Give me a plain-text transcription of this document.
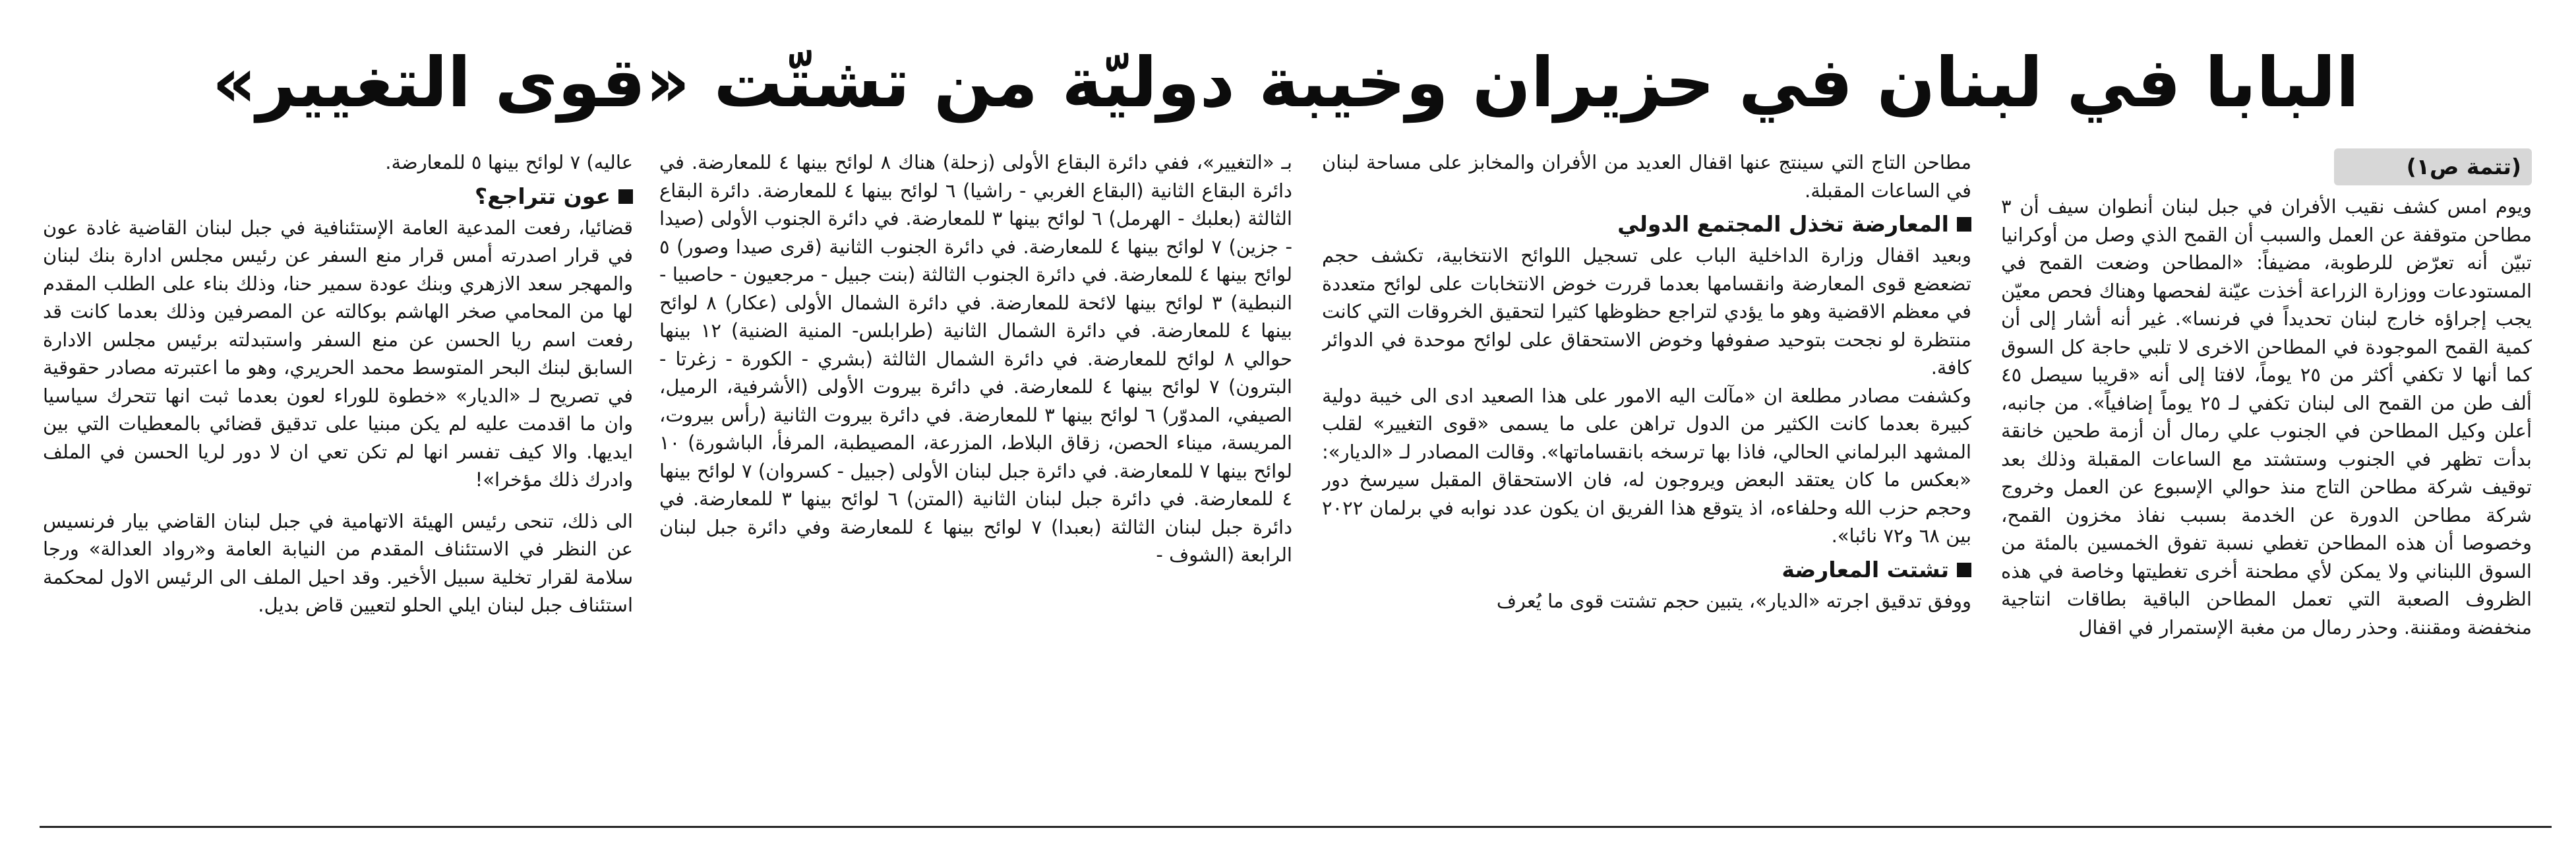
البابا في لبنان في حزيران وخيبة دوليّة من تشتّت «قوى التغيير»
(تتمة ص١)

ويوم امس كشف نقيب الأفران في جبل لبنان أنطوان سيف أن ٣ مطاحن متوقفة عن العمل والسبب أن القمح الذي وصل من أوكرانيا تبيّن أنه تعرّض للرطوبة، مضيفاً: «المطاحن وضعت القمح في المستودعات ووزارة الزراعة أخذت عيّنة لفحصها وهناك فحص معيّن يجب إجراؤه خارج لبنان تحديداً في فرنسا». غير أنه أشار إلى أن كمية القمح الموجودة في المطاحن الاخرى لا تلبي حاجة كل السوق كما أنها لا تكفي أكثر من ٢٥ يوماً، لافتا إلى أنه «قريبا سيصل ٤٥ ألف طن من القمح الى لبنان تكفي لـ ٢٥ يوماً إضافياً». من جانبه، أعلن وكيل المطاحن في الجنوب علي رمال أن أزمة طحين خانقة بدأت تظهر في الجنوب وستشتد مع الساعات المقبلة وذلك بعد توقيف شركة مطاحن التاج منذ حوالي الإسبوع عن العمل وخروج شركة مطاحن الدورة عن الخدمة بسبب نفاذ مخزون القمح، وخصوصا أن هذه المطاحن تغطي نسبة تفوق الخمسين بالمئة من السوق اللبناني ولا يمكن لأي مطحنة أخرى تغطيتها وخاصة في هذه الظروف الصعبة التي تعمل المطاحن الباقية بطاقات انتاجية منخفضة ومقننة. وحذر رمال من مغبة الإستمرار في اقفال

مطاحن التاج التي سينتج عنها اقفال العديد من الأفران والمخابز على مساحة لبنان في الساعات المقبلة.

المعارضة تخذل المجتمع الدولي

وبعيد اقفال وزارة الداخلية الباب على تسجيل اللوائح الانتخابية، تكشف حجم تضعضع قوى المعارضة وانقسامها بعدما قررت خوض الانتخابات على لوائح متعددة في معظم الاقضية وهو ما يؤدي لتراجع حظوظها كثيرا لتحقيق الخروقات التي كانت منتظرة لو نجحت بتوحيد صفوفها وخوض الاستحقاق على لوائح موحدة في الدوائر كافة.

وكشفت مصادر مطلعة ان «مآلت اليه الامور على هذا الصعيد ادى الى خيبة دولية كبيرة بعدما كانت الكثير من الدول تراهن على ما يسمى «قوى التغيير» لقلب المشهد البرلماني الحالي، فاذا بها ترسخه بانقساماتها». وقالت المصادر لـ «الديار»: «بعكس ما كان يعتقد البعض ويروجون له، فان الاستحقاق المقبل سيرسخ دور وحجم حزب الله وحلفاءه، اذ يتوقع هذا الفريق ان يكون عدد نوابه في برلمان ٢٠٢٢ بين ٦٨ و٧٢ نائبا».

تشتت المعارضة

ووفق تدقيق اجرته «الديار»، يتبين حجم تشتت قوى ما يُعرف

بـ «التغيير»، ففي دائرة البقاع الأولى (زحلة) هناك ٨ لوائح بينها ٤ للمعارضة. في دائرة البقاع الثانية (البقاع الغربي - راشيا) ٦ لوائح بينها ٤ للمعارضة. دائرة البقاع الثالثة (بعلبك - الهرمل) ٦ لوائح بينها ٣ للمعارضة. في دائرة الجنوب الأولى (صيدا - جزين) ٧ لوائح بينها ٤ للمعارضة. في دائرة الجنوب الثانية (قرى صيدا وصور) ٥ لوائح بينها ٤ للمعارضة. في دائرة الجنوب الثالثة (بنت جبيل - مرجعيون - حاصبيا - النبطية) ٣ لوائح بينها لائحة للمعارضة. في دائرة الشمال الأولى (عكار) ٨ لوائح بينها ٤ للمعارضة. في دائرة الشمال الثانية (طرابلس- المنية الضنية) ١٢ بينها حوالي ٨ لوائح للمعارضة. في دائرة الشمال الثالثة (بشري - الكورة - زغرتا - البترون) ٧ لوائح بينها ٤ للمعارضة. في دائرة بيروت الأولى (الأشرفية، الرميل، الصيفي، المدوّر) ٦ لوائح بينها ٣ للمعارضة. في دائرة بيروت الثانية (رأس بيروت، المريسة، ميناء الحصن، زقاق البلاط، المزرعة، المصيطبة، المرفأ، الباشورة) ١٠ لوائح بينها ٧ للمعارضة. في دائرة جبل لبنان الأولى (جبيل - كسروان) ٧ لوائح بينها ٤ للمعارضة. في دائرة جبل لبنان الثانية (المتن) ٦ لوائح بينها ٣ للمعارضة. في دائرة جبل لبنان الثالثة (بعبدا) ٧ لوائح بينها ٤ للمعارضة وفي دائرة جبل لبنان الرابعة (الشوف -

عاليه) ٧ لوائح بينها ٥ للمعارضة.

عون تتراجع؟

قضائيا، رفعت المدعية العامة الإستئنافية في جبل لبنان القاضية غادة عون في قرار اصدرته أمس قرار منع السفر عن رئيس مجلس ادارة بنك لبنان والمهجر سعد الازهري وبنك عودة سمير حنا، وذلك بناء على الطلب المقدم لها من المحامي صخر الهاشم بوكالته عن المصرفين وذلك بعدما كانت قد رفعت اسم ريا الحسن عن منع السفر واستبدلته برئيس مجلس الادارة السابق لبنك البحر المتوسط محمد الحريري، وهو ما اعتبرته مصادر حقوقية في تصريح لـ «الديار» «خطوة للوراء لعون بعدما ثبت انها تتحرك سياسيا وان ما اقدمت عليه لم يكن مبنيا على تدقيق قضائي بالمعطيات التي بين ايديها. والا كيف تفسر انها لم تكن تعي ان لا دور لريا الحسن في الملف وادرك ذلك مؤخرا»!

الى ذلك، تنحى رئيس الهيئة الاتهامية في جبل لبنان القاضي بيار فرنسيس عن النظر في الاستئناف المقدم من النيابة العامة و«رواد العدالة» ورجا سلامة لقرار تخلية سبيل الأخير. وقد احيل الملف الى الرئيس الاول لمحكمة استئناف جبل لبنان ايلي الحلو لتعيين قاض بديل.
